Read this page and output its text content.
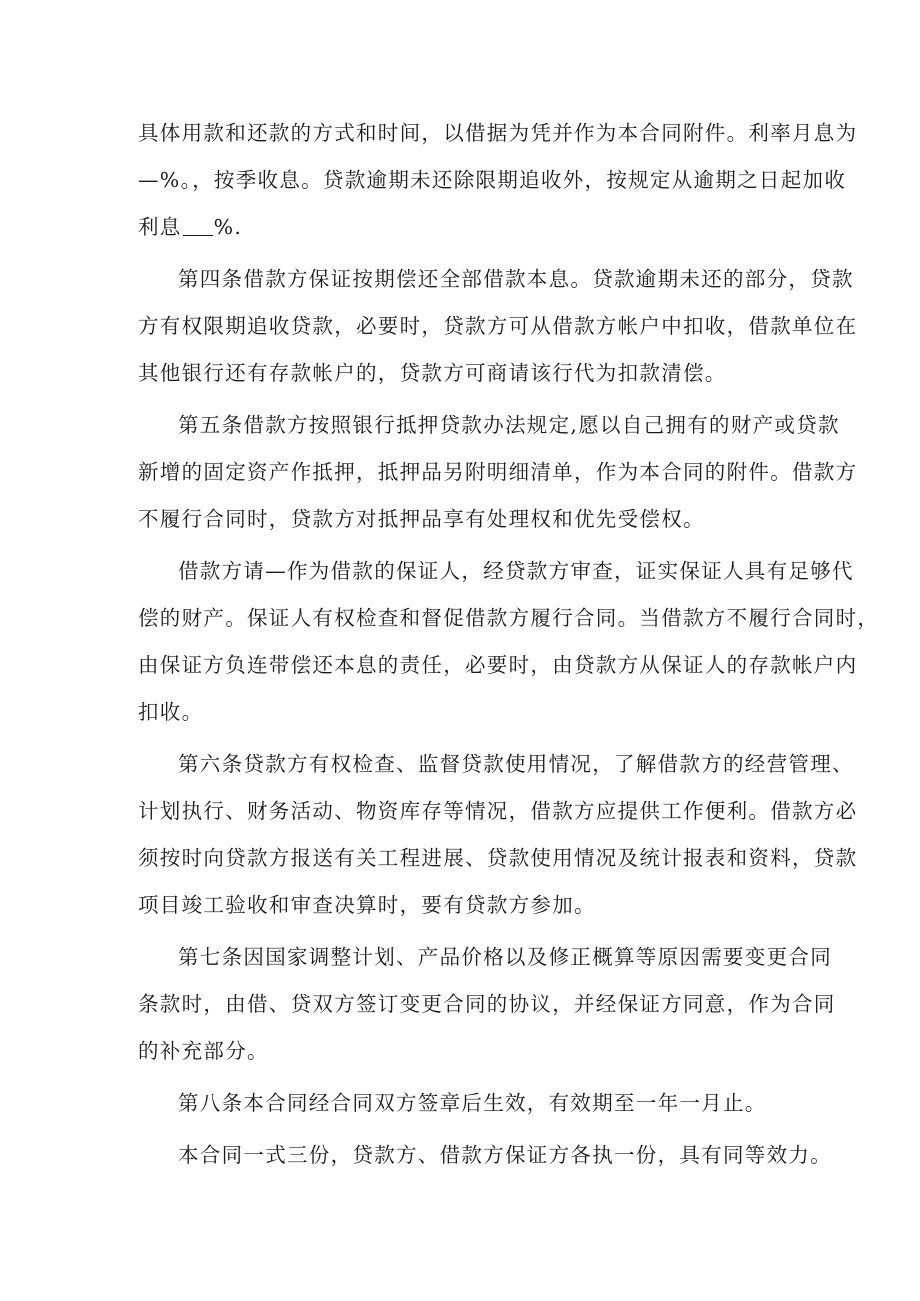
具体用款和还款的方式和时间，以借据为凭并作为本合同附件。利率月息为

—%。，按季收息。贷款逾期未还除限期追收外，按规定从逾期之日起加收

利息 %.

第四条借款方保证按期偿还全部借款本息。贷款逾期未还的部分，贷款

方有权限期追收贷款，必要时，贷款方可从借款方帐户中扣收，借款单位在

其他银行还有存款帐户的，贷款方可商请该行代为扣款清偿。

第五条借款方按照银行抵押贷款办法规定,愿以自己拥有的财产或贷款

新增的固定资产作抵押，抵押品另附明细清单，作为本合同的附件。借款方

不履行合同时，贷款方对抵押品享有处理权和优先受偿权。

借款方请—作为借款的保证人，经贷款方审查，证实保证人具有足够代

偿的财产。保证人有权检查和督促借款方履行合同。当借款方不履行合同时，

由保证方负连带偿还本息的责任，必要时，由贷款方从保证人的存款帐户内

扣收。

第六条贷款方有权检查、监督贷款使用情况，了解借款方的经营管理、

计划执行、财务活动、物资库存等情况，借款方应提供工作便利。借款方必

须按时向贷款方报送有关工程进展、贷款使用情况及统计报表和资料，贷款

项目竣工验收和审查决算时，要有贷款方参加。

第七条因国家调整计划、产品价格以及修正概算等原因需要变更合同

条款时，由借、贷双方签订变更合同的协议，并经保证方同意，作为合同

的补充部分。

第八条本合同经合同双方签章后生效，有效期至一年一月止。

本合同一式三份，贷款方、借款方保证方各执一份，具有同等效力。
